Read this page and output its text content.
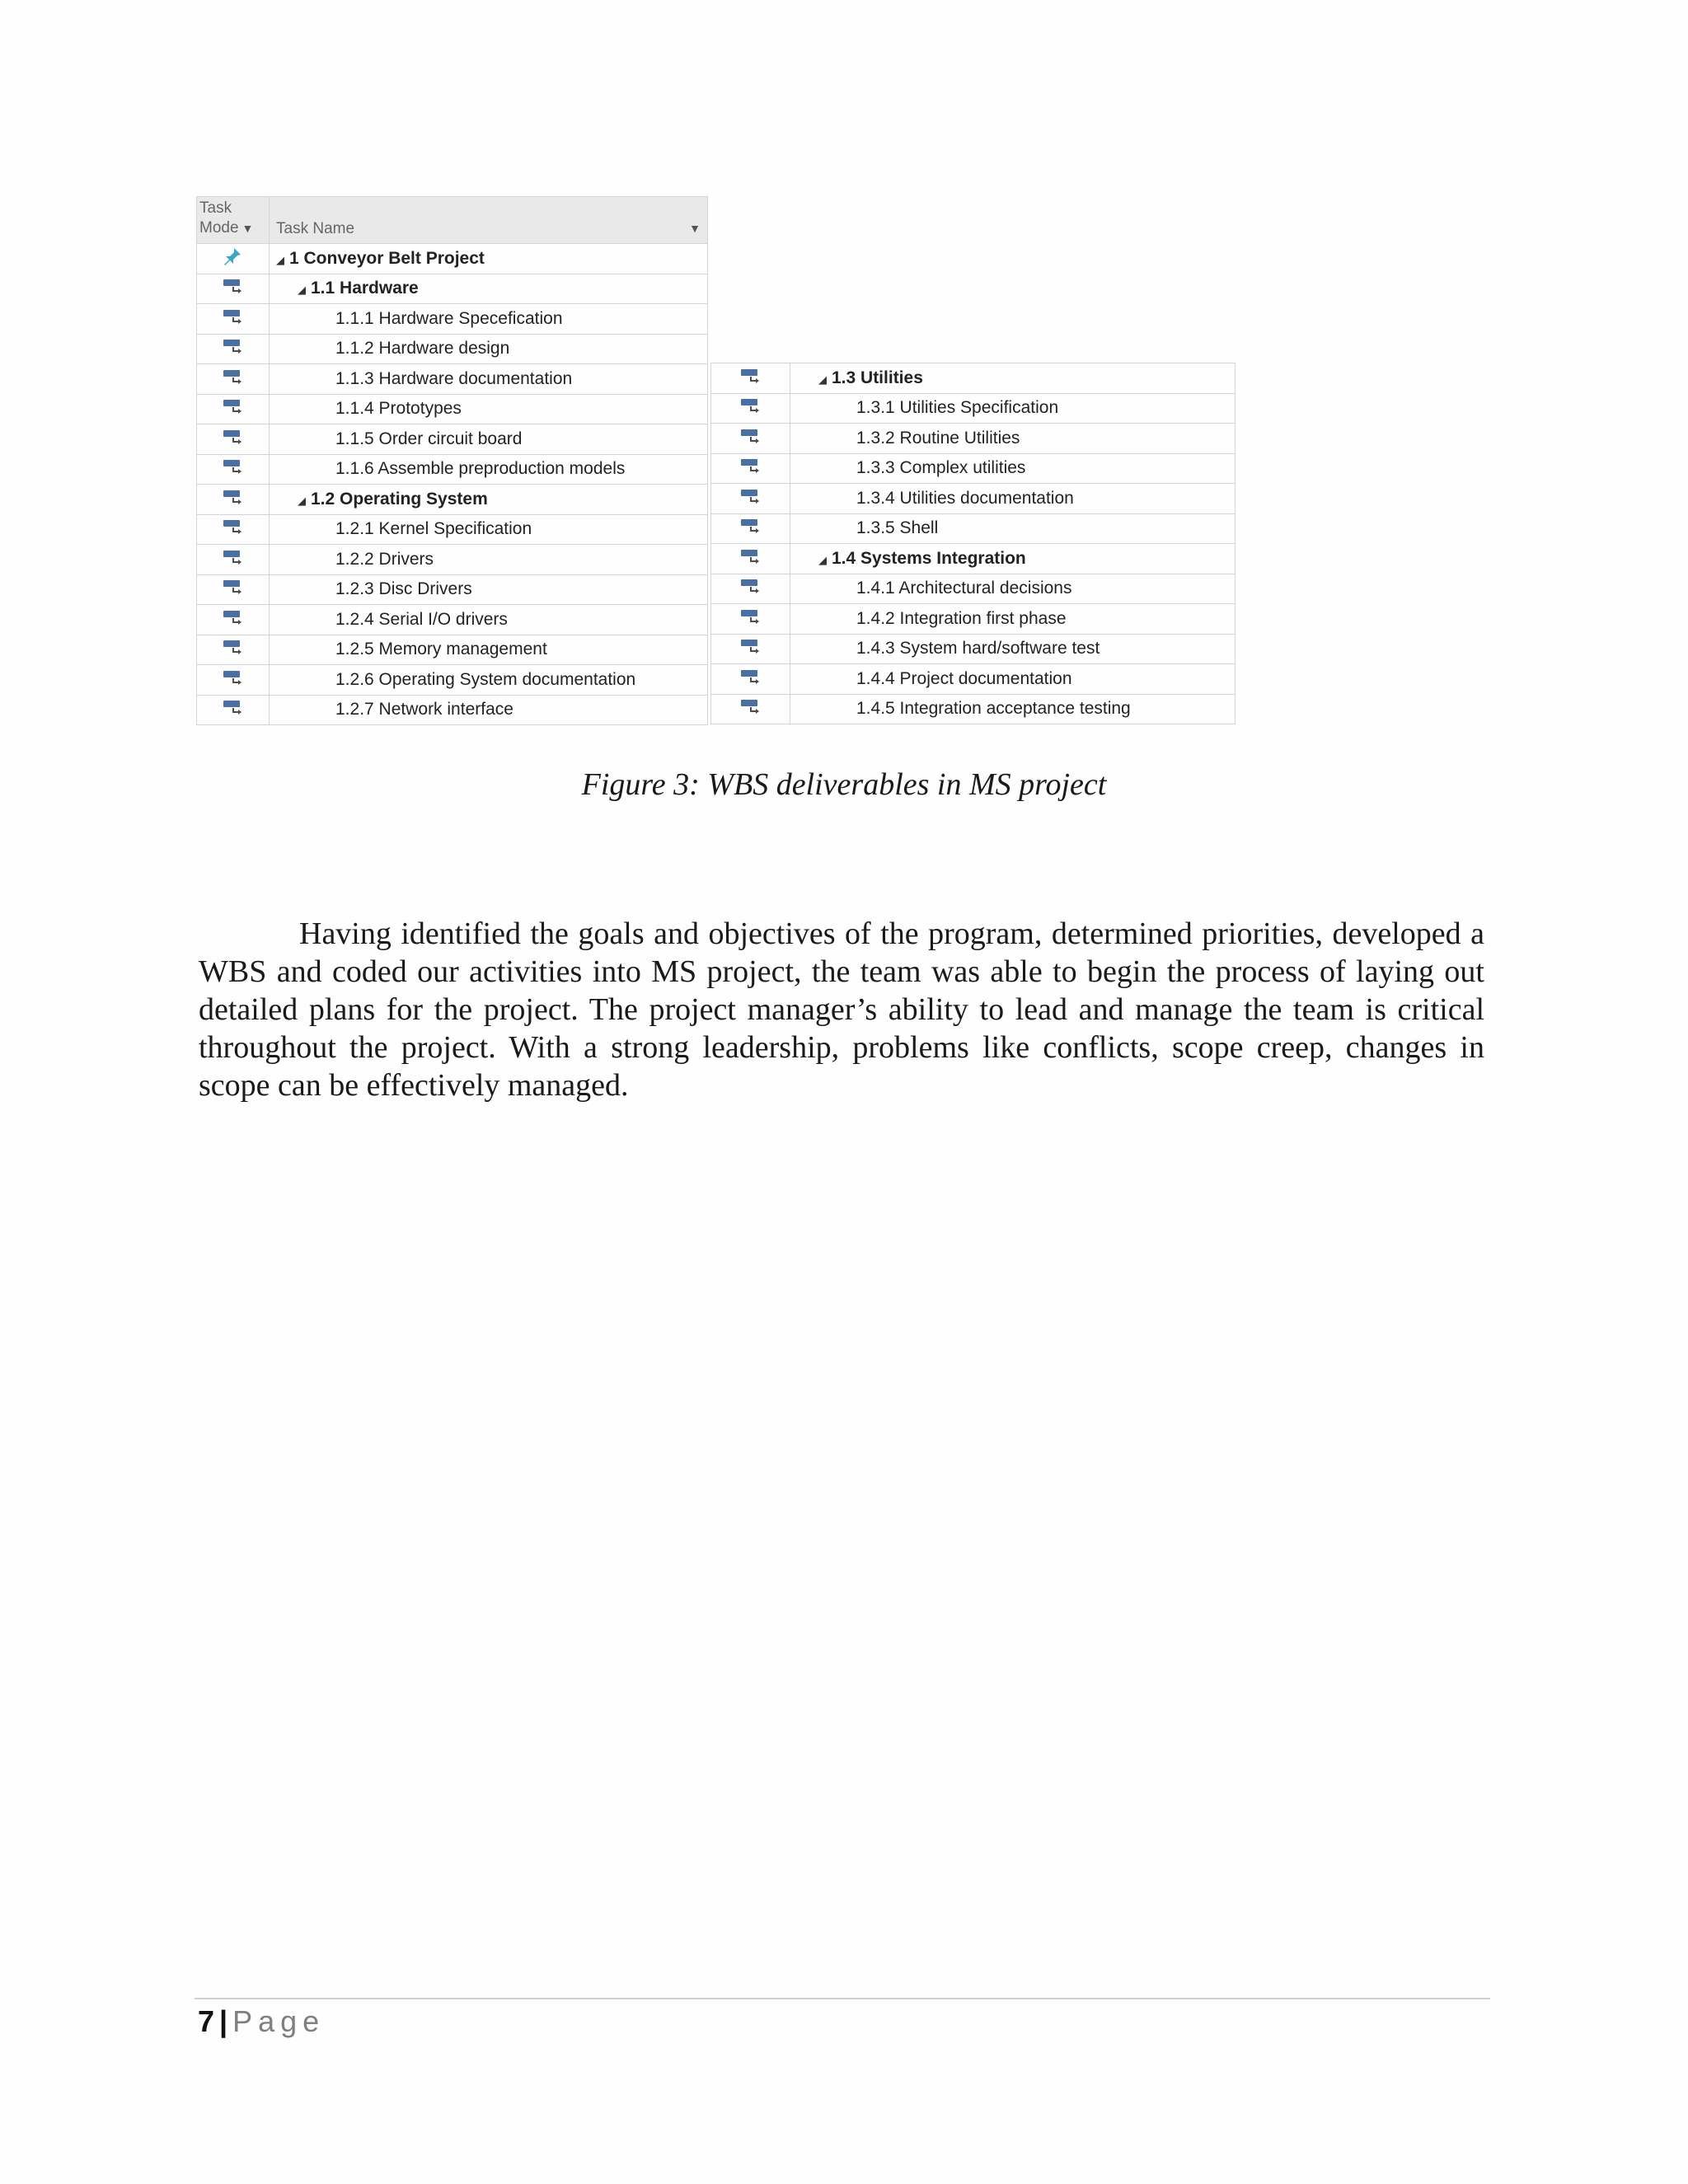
Task
Mode ▼	Task Name ▼

	◢ 1 Conveyor Belt Project
	◢ 1.1 Hardware
	1.1.1 Hardware Specefication
	1.1.2 Hardware design
	1.1.3 Hardware documentation
	1.1.4 Prototypes
	1.1.5 Order circuit board
	1.1.6 Assemble preproduction models
	◢ 1.2 Operating System
	1.2.1 Kernel Specification
	1.2.2 Drivers
	1.2.3 Disc Drivers
	1.2.4 Serial I/O drivers
	1.2.5 Memory management
	1.2.6 Operating System documentation
	1.2.7 Network interface
	◢ 1.3 Utilities
	1.3.1 Utilities Specification
	1.3.2 Routine Utilities
	1.3.3 Complex utilities
	1.3.4 Utilities documentation
	1.3.5 Shell
	◢ 1.4 Systems Integration
	1.4.1 Architectural decisions
	1.4.2 Integration first phase
	1.4.3 System hard/software test
	1.4.4 Project documentation
	1.4.5 Integration acceptance testing
Figure 3: WBS deliverables in MS project

Having identified the goals and objectives of the program, determined priorities, developed a WBS and coded our activities into MS project, the team was able to begin the process of laying out detailed plans for the project. The project manager’s ability to lead and manage the team is critical throughout the project. With a strong leadership, problems like conflicts, scope creep, changes in scope can be effectively managed.

7 | Page
